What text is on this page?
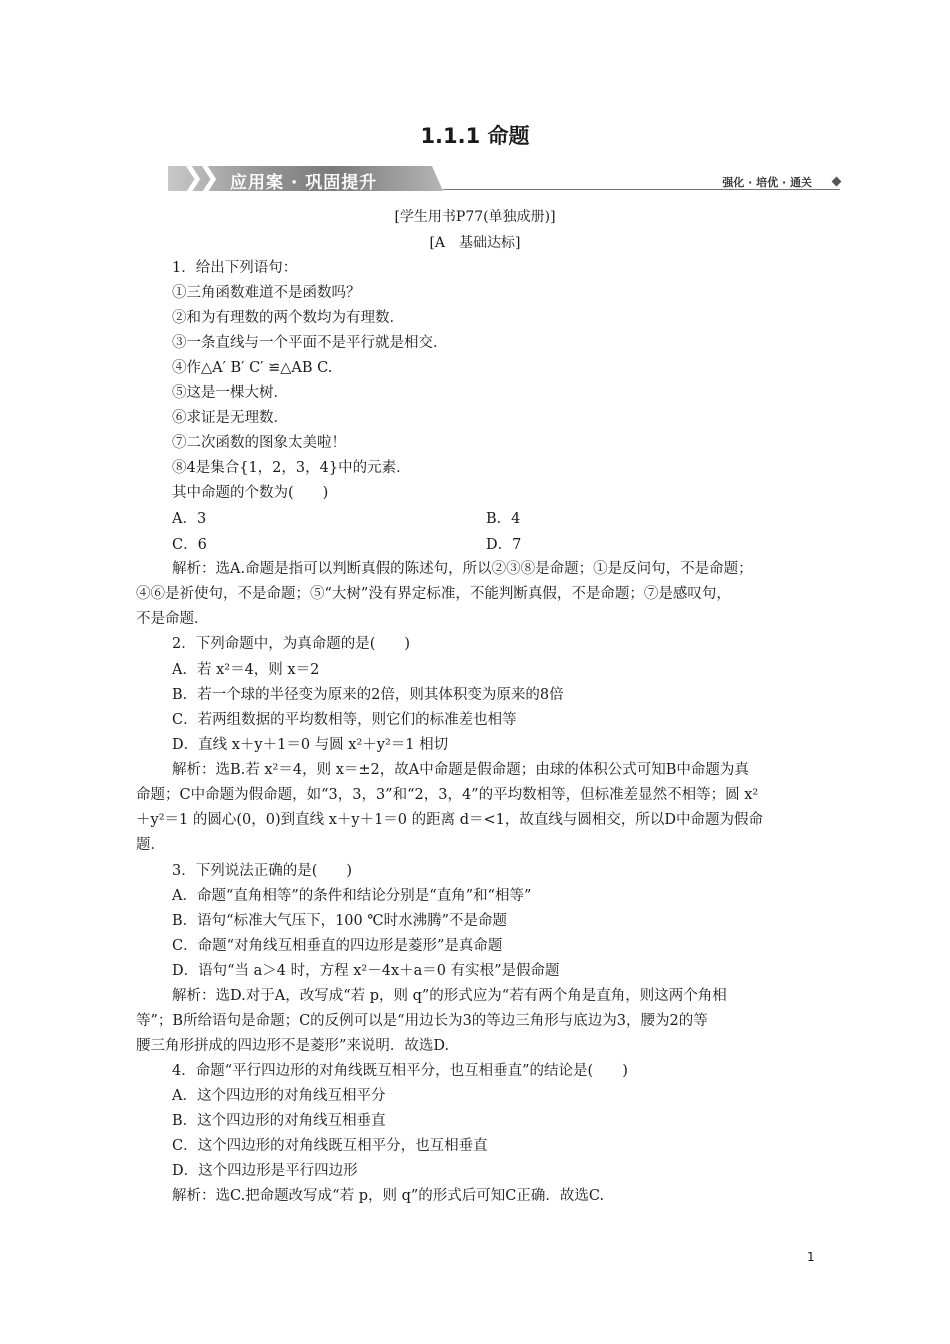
1.1.1 命题
❯
❯ 应用案 · 巩固提升	强化 · 培优 · 通关
[学生用书P77(单独成册)]
[A　基础达标]
1．给出下列语句：
①三角函数难道不是函数吗？
②和为有理数的两个数均为有理数．
③一条直线与一个平面不是平行就是相交．
④作△A′ B′ C′ ≌△AB C.
⑤这是一棵大树．
⑥求证是无理数．
⑦二次函数的图象太美啦！
⑧4是集合{1，2，3，4}中的元素．
其中命题的个数为(　　)
A．3	B．4
C．6	D．7
解析：选A.命题是指可以判断真假的陈述句，所以②③⑧是命题；①是反问句，不是命题；
④⑥是祈使句，不是命题；⑤“大树”没有界定标准，不能判断真假，不是命题；⑦是感叹句，
不是命题．
2．下列命题中，为真命题的是(　　)
A．若 x²＝4，则 x＝2
B．若一个球的半径变为原来的2倍，则其体积变为原来的8倍
C．若两组数据的平均数相等，则它们的标准差也相等
D．直线 x＋y＋1＝0 与圆 x²＋y²＝1 相切
解析：选B.若 x²＝4，则 x＝±2，故A中命题是假命题；由球的体积公式可知B中命题为真
命题；C中命题为假命题，如“3，3，3”和“2，3，4”的平均数相等，但标准差显然不相等；圆 x²
＋y²＝1 的圆心(0，0)到直线 x＋y＋1＝0 的距离 d＝<1，故直线与圆相交，所以D中命题为假命
题．
3．下列说法正确的是(　　)
A．命题“直角相等”的条件和结论分别是“直角”和“相等”
B．语句“标准大气压下，100 ℃时水沸腾”不是命题
C．命题“对角线互相垂直的四边形是菱形”是真命题
D．语句“当 a＞4 时，方程 x²－4x＋a＝0 有实根”是假命题
解析：选D.对于A，改写成“若 p，则 q”的形式应为“若有两个角是直角，则这两个角相
等”；B所给语句是命题；C的反例可以是“用边长为3的等边三角形与底边为3，腰为2的等
腰三角形拼成的四边形不是菱形”来说明．故选D.
4．命题“平行四边形的对角线既互相平分，也互相垂直”的结论是(　　)
A．这个四边形的对角线互相平分
B．这个四边形的对角线互相垂直
C．这个四边形的对角线既互相平分，也互相垂直
D．这个四边形是平行四边形
解析：选C.把命题改写成“若 p，则 q”的形式后可知C正确．故选C.
1
